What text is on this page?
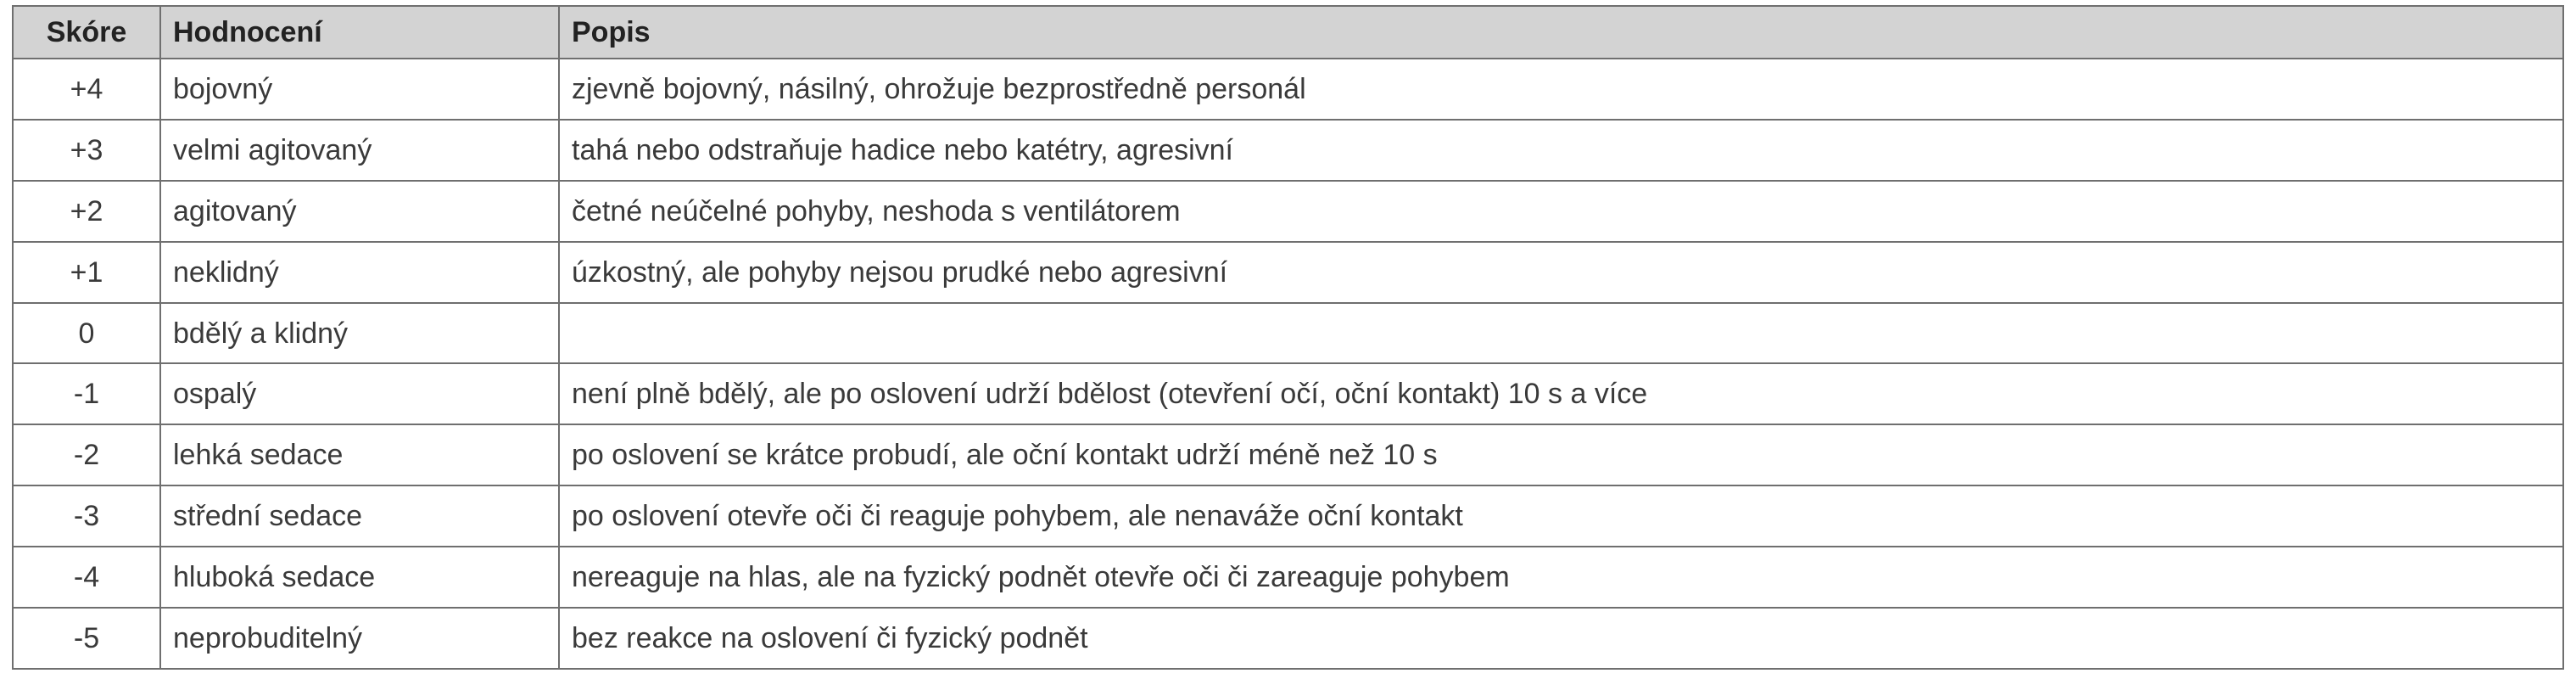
Skóre	Hodnocení	Popis
+4	bojovný	zjevně bojovný, násilný, ohrožuje bezprostředně personál
+3	velmi agitovaný	tahá nebo odstraňuje hadice nebo katétry, agresivní
+2	agitovaný	četné neúčelné pohyby, neshoda s ventilátorem
+1	neklidný	úzkostný, ale pohyby nejsou prudké nebo agresivní
0	bdělý a klidný	
-1	ospalý	není plně bdělý, ale po oslovení udrží bdělost (otevření očí, oční kontakt) 10 s a více
-2	lehká sedace	po oslovení se krátce probudí, ale oční kontakt udrží méně než 10 s
-3	střední sedace	po oslovení otevře oči či reaguje pohybem, ale nenaváže oční kontakt
-4	hluboká sedace	nereaguje na hlas, ale na fyzický podnět otevře oči či zareaguje pohybem
-5	neprobuditelný	bez reakce na oslovení či fyzický podnět
